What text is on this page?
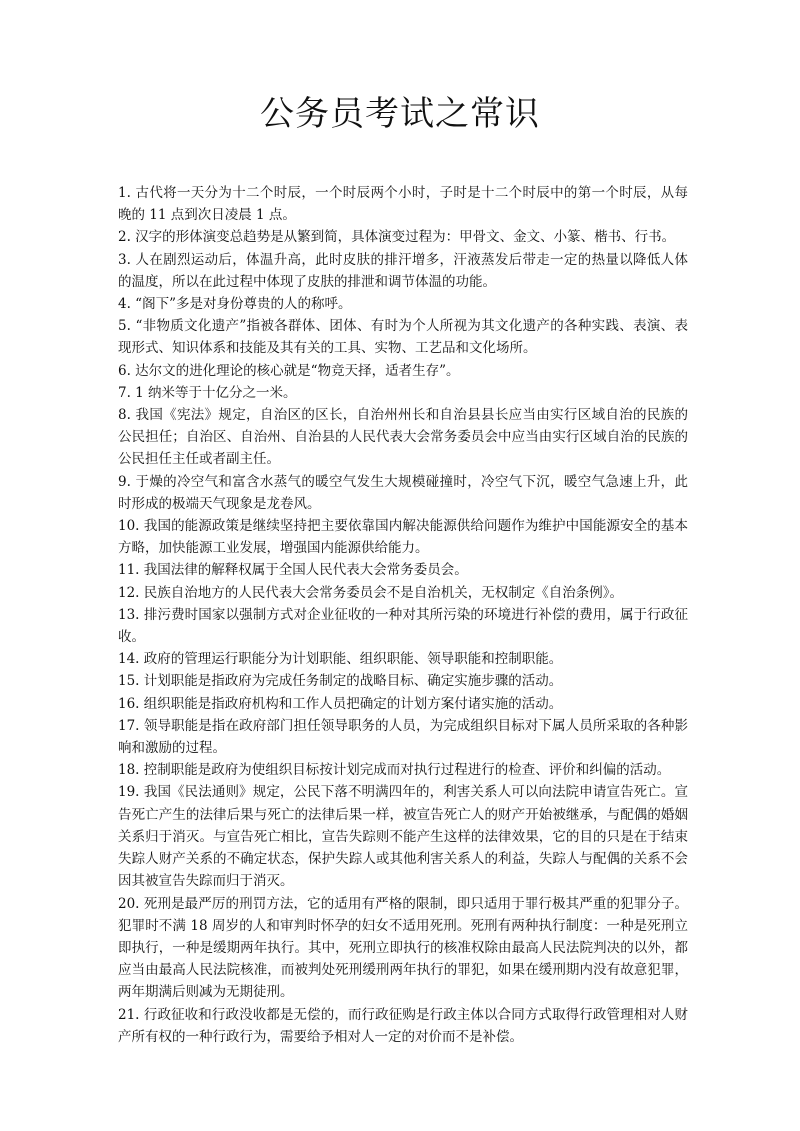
公务员考试之常识

1. 古代将一天分为十二个时辰，一个时辰两个小时，子时是十二个时辰中的第一个时辰，从每晚的 11 点到次日凌晨 1 点。

2. 汉字的形体演变总趋势是从繁到简，具体演变过程为：甲骨文、金文、小篆、楷书、行书。

3. 人在剧烈运动后，体温升高，此时皮肤的排汗增多，汗液蒸发后带走一定的热量以降低人体的温度，所以在此过程中体现了皮肤的排泄和调节体温的功能。

4. “阁下”多是对身份尊贵的人的称呼。

5. “非物质文化遗产”指被各群体、团体、有时为个人所视为其文化遗产的各种实践、表演、表现形式、知识体系和技能及其有关的工具、实物、工艺品和文化场所。

6. 达尔文的进化理论的核心就是“物竞天择，适者生存”。

7. 1 纳米等于十亿分之一米。

8. 我国《宪法》规定，自治区的区长，自治州州长和自治县县长应当由实行区域自治的民族的公民担任；自治区、自治州、自治县的人民代表大会常务委员会中应当由实行区域自治的民族的公民担任主任或者副主任。

9. 于燥的冷空气和富含水蒸气的暖空气发生大规模碰撞时，冷空气下沉，暖空气急速上升，此时形成的极端天气现象是龙卷风。

10. 我国的能源政策是继续坚持把主要依靠国内解决能源供给问题作为维护中国能源安全的基本方略，加快能源工业发展，增强国内能源供给能力。

11. 我国法律的解释权属于全国人民代表大会常务委员会。

12. 民族自治地方的人民代表大会常务委员会不是自治机关，无权制定《自治条例》。

13. 排污费时国家以强制方式对企业征收的一种对其所污染的环境进行补偿的费用，属于行政征收。

14. 政府的管理运行职能分为计划职能、组织职能、领导职能和控制职能。

15. 计划职能是指政府为完成任务制定的战略目标、确定实施步骤的活动。

16. 组织职能是指政府机构和工作人员把确定的计划方案付诸实施的活动。

17. 领导职能是指在政府部门担任领导职务的人员，为完成组织目标对下属人员所采取的各种影响和激励的过程。

18. 控制职能是政府为使组织目标按计划完成而对执行过程进行的检查、评价和纠偏的活动。

19. 我国《民法通则》规定，公民下落不明满四年的，利害关系人可以向法院申请宣告死亡。宣告死亡产生的法律后果与死亡的法律后果一样，被宣告死亡人的财产开始被继承，与配偶的婚姻关系归于消灭。与宣告死亡相比，宣告失踪则不能产生这样的法律效果，它的目的只是在于结束失踪人财产关系的不确定状态，保护失踪人或其他利害关系人的利益，失踪人与配偶的关系不会因其被宣告失踪而归于消灭。

20. 死刑是最严厉的刑罚方法，它的适用有严格的限制，即只适用于罪行极其严重的犯罪分子。犯罪时不满 18 周岁的人和审判时怀孕的妇女不适用死刑。死刑有两种执行制度：一种是死刑立即执行，一种是缓期两年执行。其中，死刑立即执行的核准权除由最高人民法院判决的以外，都应当由最高人民法院核准，而被判处死刑缓刑两年执行的罪犯，如果在缓刑期内没有故意犯罪，两年期满后则减为无期徒刑。

21. 行政征收和行政没收都是无偿的，而行政征购是行政主体以合同方式取得行政管理相对人财产所有权的一种行政行为，需要给予相对人一定的对价而不是补偿。
